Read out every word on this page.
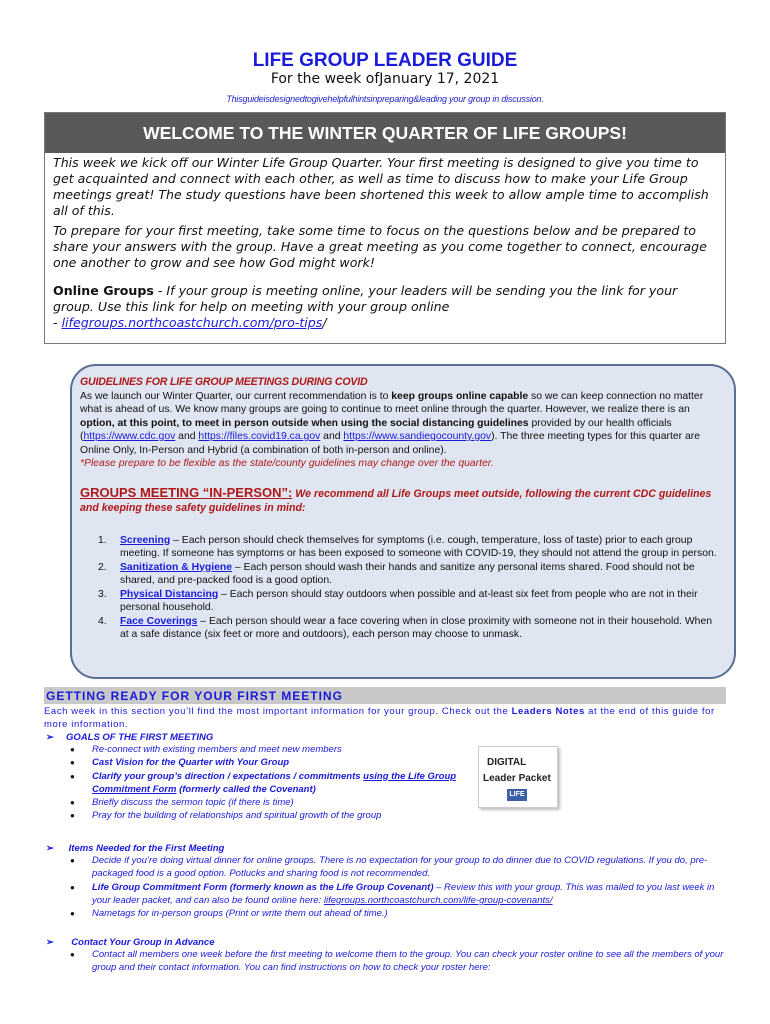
LIFE GROUP LEADER GUIDE
For the week ofJanuary 17, 2021
Thisguideisdesignedtogivehelpfulhintsinpreparing&leading your group in discussion.
WELCOME TO THE WINTER QUARTER OF LIFE GROUPS!

This week we kick off our Winter Life Group Quarter. Your first meeting is designed to give you time to get acquainted and connect with each other, as well as time to discuss how to make your Life Group meetings great! The study questions have been shortened this week to allow ample time to accomplish all of this.

To prepare for your first meeting, take some time to focus on the questions below and be prepared to share your answers with the group. Have a great meeting as you come together to connect, encourage one another to grow and see how God might work!

Online Groups - If your group is meeting online, your leaders will be sending you the link for your group. Use this link for help on meeting with your group online
- lifegroups.northcoastchurch.com/pro-tips/

GUIDELINES FOR LIFE GROUP MEETINGS DURING COVID
As we launch our Winter Quarter, our current recommendation is to keep groups online capable so we can keep connection no matter what is ahead of us. We know many groups are going to continue to meet online through the quarter. However, we realize there is an option, at this point, to meet in person outside when using the social distancing guidelines provided by our health officials (https://www.cdc.gov and https://files.covid19.ca.gov and https://www.sandiegocounty.gov). The three meeting types for this quarter are Online Only, In-Person and Hybrid (a combination of both in-person and online).
*Please prepare to be flexible as the state/county guidelines may change over the quarter.
GROUPS MEETING “IN-PERSON”: We recommend all Life Groups meet outside, following the current CDC guidelines and keeping these safety guidelines in mind:
1. Screening – Each person should check themselves for symptoms (i.e. cough, temperature, loss of taste) prior to each group meeting. If someone has symptoms or has been exposed to someone with COVID-19, they should not attend the group in person.
2. Sanitization & Hygiene – Each person should wash their hands and sanitize any personal items shared. Food should not be shared, and pre-packed food is a good option.
3. Physical Distancing – Each person should stay outdoors when possible and at-least six feet from people who are not in their personal household.
4. Face Coverings – Each person should wear a face covering when in close proximity with someone not in their household. When at a safe distance (six feet or more and outdoors), each person may choose to unmask.
GETTING READY FOR YOUR FIRST MEETING
Each week in this section you’ll find the most important information for your group. Check out the Leaders Notes at the end of this guide for more information.
➢ GOALS OF THE FIRST MEETING
● Re-connect with existing members and meet new members
● Cast Vision for the Quarter with Your Group
● Clarify your group’s direction / expectations / commitments using the Life Group Commitment Form (formerly called the Covenant)
● Briefly discuss the sermon topic (if there is time)
● Pray for the building of relationships and spiritual growth of the group
DIGITAL
Leader Packet
LIFE
➢ Items Needed for the First Meeting
● Decide if you’re doing virtual dinner for online groups. There is no expectation for your group to do dinner due to COVID regulations. If you do, pre-packaged food is a good option. Potlucks and sharing food is not recommended.
● Life Group Commitment Form (formerly known as the Life Group Covenant) – Review this with your group. This was mailed to you last week in your leader packet, and can also be found online here: lifegroups.northcoastchurch.com/life-group-covenants/
● Nametags for in-person groups (Print or write them out ahead of time.)
➢ Contact Your Group in Advance
● Contact all members one week before the first meeting to welcome them to the group. You can check your roster online to see all the members of your group and their contact information. You can find instructions on how to check your roster here:
